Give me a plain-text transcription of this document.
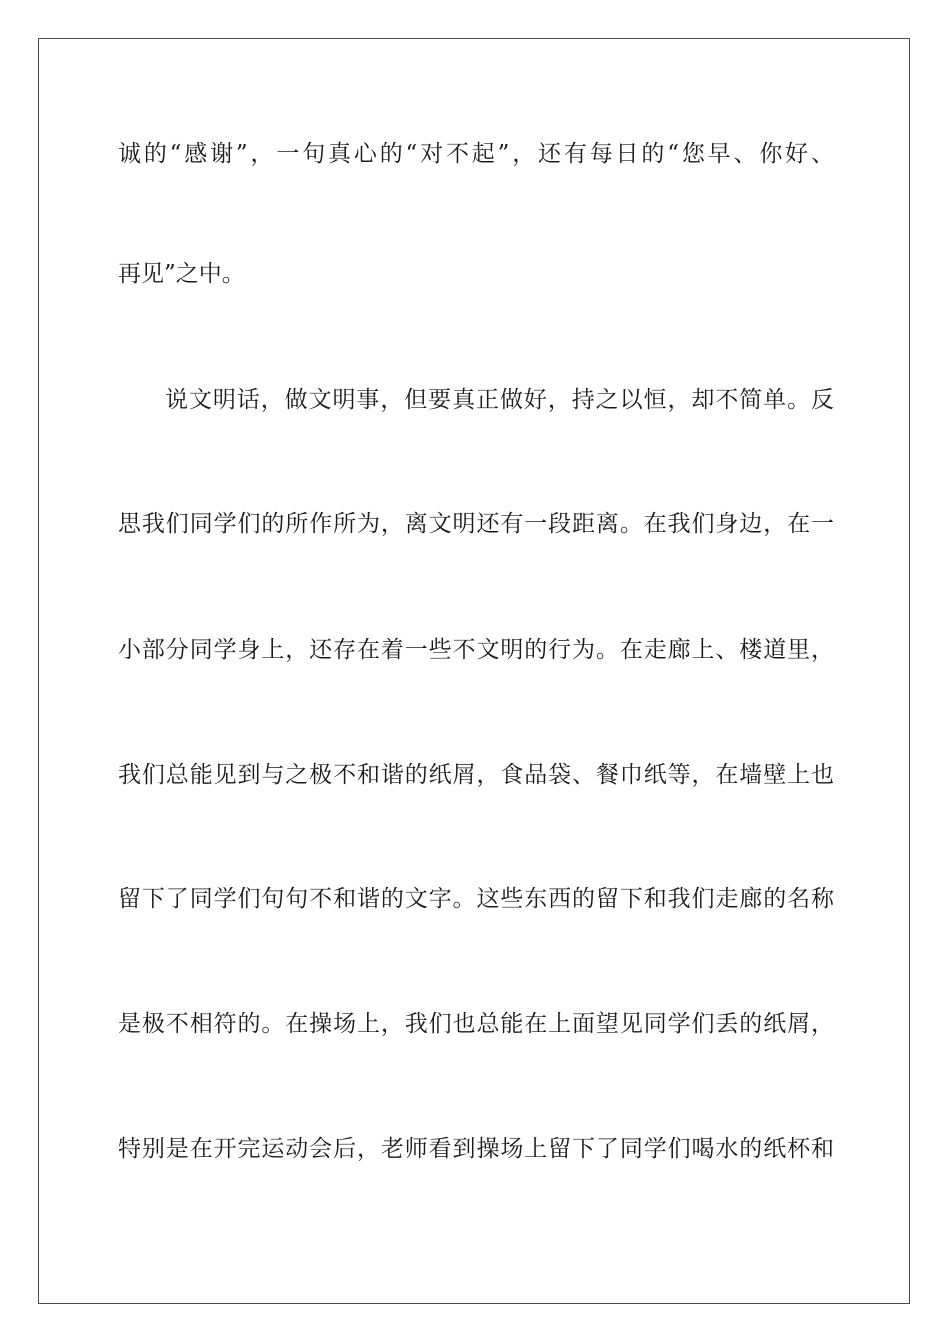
诚的“感谢”，一句真心的“对不起”，还有每日的“您早、你好、
再见”之中。
说文明话，做文明事，但要真正做好，持之以恒，却不简单。反
思我们同学们的所作所为，离文明还有一段距离。在我们身边，在一
小部分同学身上，还存在着一些不文明的行为。在走廊上、楼道里，
我们总能见到与之极不和谐的纸屑，食品袋、餐巾纸等，在墙壁上也
留下了同学们句句不和谐的文字。这些东西的留下和我们走廊的名称
是极不相符的。在操场上，我们也总能在上面望见同学们丢的纸屑，
特别是在开完运动会后，老师看到操场上留下了同学们喝水的纸杯和
